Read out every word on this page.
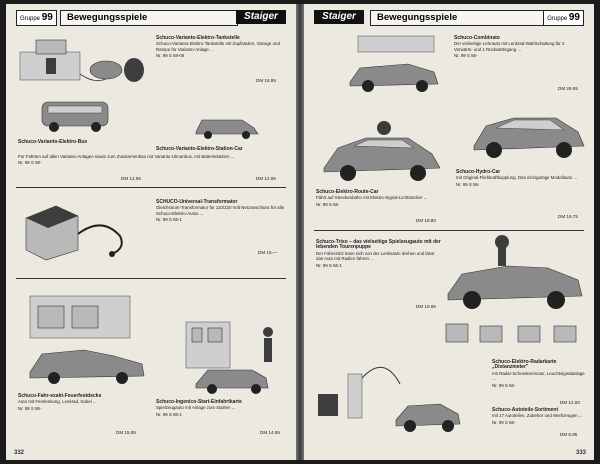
Gruppe 99	Bewegungsspiele	Staiger
Schuco-Varianto-Elektro-Tankstelle
Schuco-Varianto-Elektro-Tankstelle mit Zapfsäulen, Garage und Rampe für Varianto-Anlage ...
Nr. 99 S 58-06
DM 18.95
Schuco-Varianto-Elektro-Bus
Schuco-Varianto-Elektro-Station-Car
Für Fahrten auf allen Varianto-Anlagen sowie zum Zusammenbau mit Varianto-Ulrnanbox, mit Batteriekästen ...
Nr. 99 S 58-
DM 12.95	DM 12.95
SCHUCO-Universal-Transformator
Gleichstrom-Transformator für 110/220 Volt Netzanschluss für alle Schuco-Elektro-Autos ...
Nr. 99 S 65-1
DM 16.—
Schuco-Fahr-exakt-Feuerfestdecke
Auto mit Fernlenkung, Lenkrad, Kabel ...
Nr. 99 S 86-
DM 15.95
Schuco-Ingenico-Start-Einfahrtkarte
Spielzeugauto mit Anlage zum Starten ...
Nr. 99 S 86-1
DM 14.95
332
Staiger	Bewegungsspiele	Gruppe 99
Schuco-Combinato
Der vielseitige Lehrauto mit Lenkrad-Wahlschaltung für 2 Vorwärts- und 1 Rückwärtsgang ...
Nr. 99 S 56-
DM 29.95
Schuco-Elektro-Route-Car
Fährt auf Streckenbahn mit Elektro-Signal-Lichtstecker ...
Nr. 99 S 56-
DM 18.80
Schuco-Hydro-Car
mit Original-Fliehkraftkupplung. Das einzigartige Modellauto ...
Nr. 99 S 56-
DM 16.75
Schuco-Trixo – das vielseitige Spielzeugauto mit der lebenden Tourenpuppe
Der Fahrersitz kann sich von der Lenksäule drehen und lässt das Auto mit Radien fahren ...
Nr. 99 S 56-1
DM 19.95
Schuco-Elektro-Radarkarte „Distanzmeter"
mit Radar-Schrankenmotor, Leuchtsignalanlage ...
Nr. 99 S 56-
DM 12.00
Schuco-Autoteile-Sortiment
mit 17 Autoteilen, Zubehör und Werkzeugen ...
Nr. 99 S 56-
DM 8.95
333
